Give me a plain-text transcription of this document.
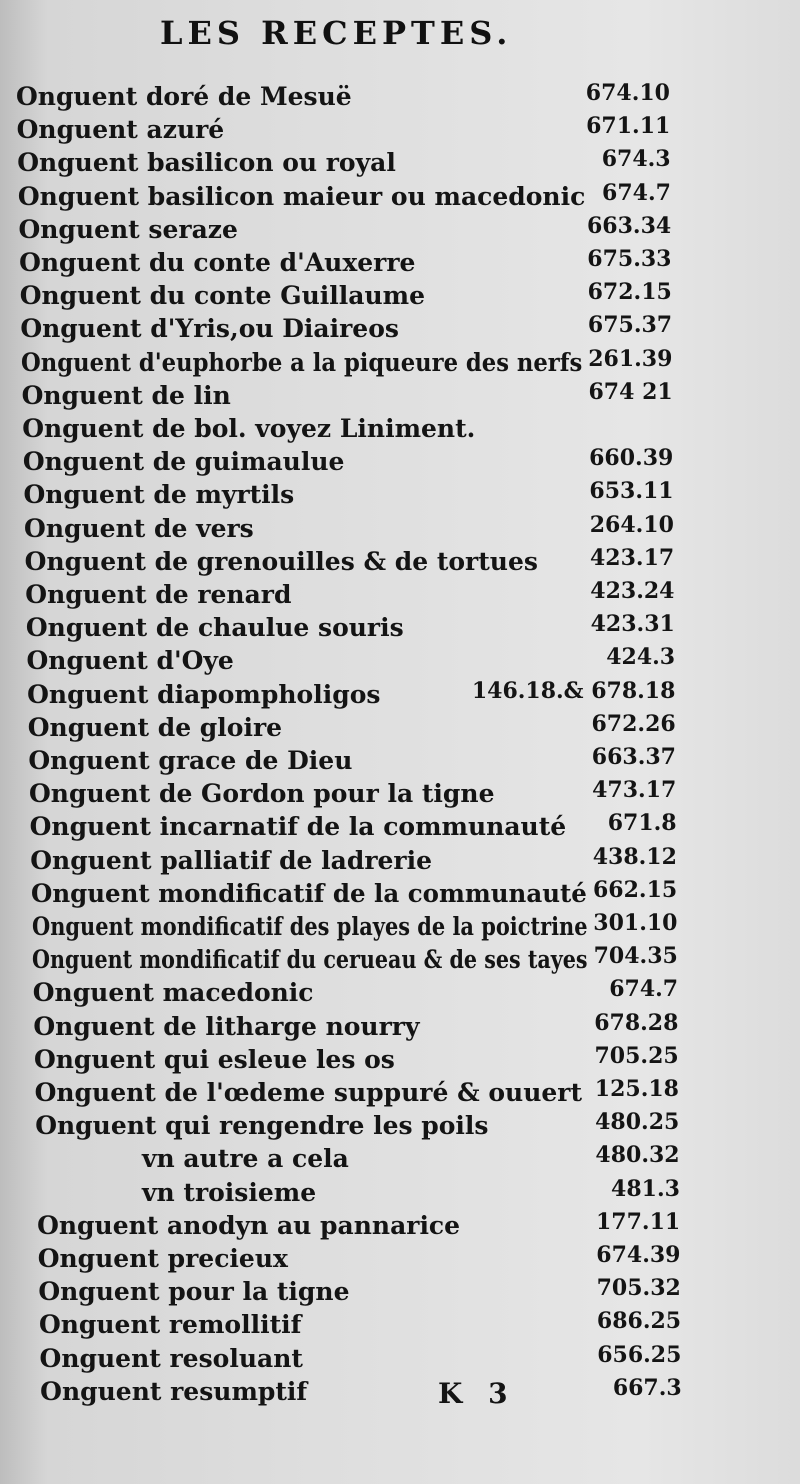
LES RECEPTES.
Onguent doré de Mesuë	674.10
Onguent azuré	671.11
Onguent basilicon ou royal	674.3
Onguent basilicon maieur ou macedonic 674.7
Onguent seraze	663.34
Onguent du conte d'Auxerre	675.33
Onguent du conte Guillaume	672.15
Onguent d'Yris,ou Diaireos	675.37
Onguent d'euphorbe a la piqueure des nerfs 261.39
Onguent de lin	674 21
Onguent de bol. voyez Liniment.
Onguent de guimaulue	660.39
Onguent de myrtils	653.11
Onguent de vers	264.10
Onguent de grenouilles & de tortues 423.17
Onguent de renard	423.24
Onguent de chaulue souris	423.31
Onguent d'Oye	424.3
Onguent diapompholigos	146.18.& 678.18
Onguent de gloire	672.26
Onguent grace de Dieu	663.37
Onguent de Gordon pour la tigne	473.17
Onguent incarnatif de la communauté 671.8
Onguent palliatif de ladrerie	438.12
Onguent mondificatif de la communauté 662.15
Onguent mondificatif des playes de la poictrine 301.10
Onguent mondificatif du cerueau & de ses tayes 704.35
Onguent macedonic	674.7
Onguent de litharge nourry	678.28
Onguent qui esleue les os	705.25
Onguent de l'œdeme suppuré & ouuert 125.18
Onguent qui rengendre les poils	480.25
vn autre a cela	480.32
vn troisieme	481.3
Onguent anodyn au pannarice	177.11
Onguent precieux	674.39
Onguent pour la tigne	705.32
Onguent remollitif	686.25
Onguent resoluant	656.25
Onguent resumptif	667.3
K 3
